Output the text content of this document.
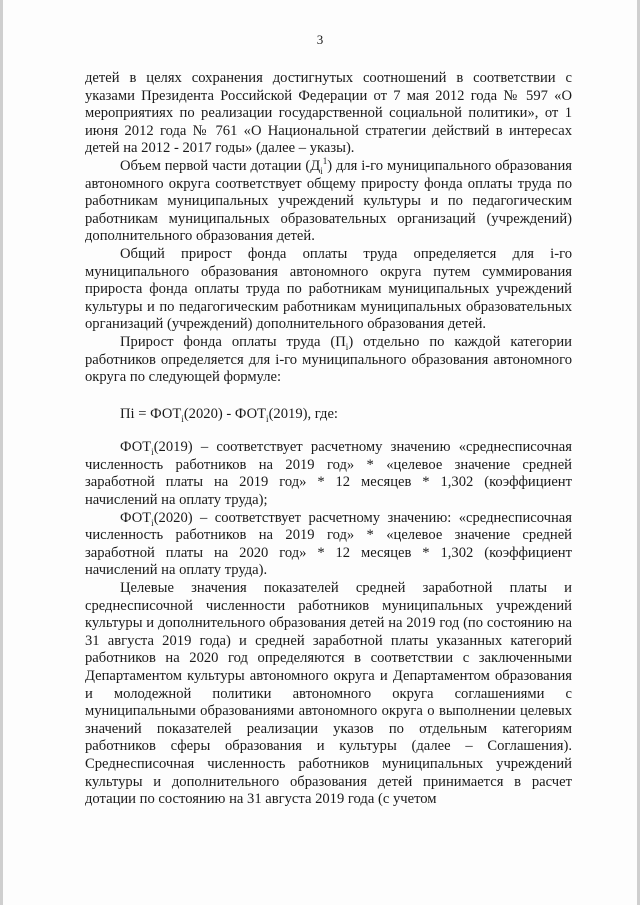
3

детей в целях сохранения достигнутых соотношений в соответствии с указами Президента Российской Федерации от 7 мая 2012 года № 597 «О мероприятиях по реализации государственной социальной политики», от 1 июня 2012 года № 761 «О Национальной стратегии действий в интересах детей на 2012 - 2017 годы» (далее – указы).

Объем первой части дотации $(Д_i^1)$ для i-го муниципального образования автономного округа соответствует общему приросту фонда оплаты труда по работникам муниципальных учреждений культуры и по педагогическим работникам муниципальных образовательных организаций (учреждений) дополнительного образования детей.

Общий прирост фонда оплаты труда определяется для i-го муниципального образования автономного округа путем суммирования прироста фонда оплаты труда по работникам муниципальных учреждений культуры и по педагогическим работникам муниципальных образовательных организаций (учреждений) дополнительного образования детей.

Прирост фонда оплаты труда $(П_i)$ отдельно по каждой категории работников определяется для i-го муниципального образования автономного округа по следующей формуле:

Пi = $ФОТ_i(2020) - ФОТ_i(2019)$, где:

$ФОТ_i(2019)$ – соответствует расчетному значению «среднесписочная численность работников на 2019 год» * «целевое значение средней заработной платы на 2019 год» * 12 месяцев * 1,302 (коэффициент начислений на оплату труда);

$ФОТ_i(2020)$ – соответствует расчетному значению: «среднесписочная численность работников на 2019 год» * «целевое значение средней заработной платы на 2020 год» * 12 месяцев * 1,302 (коэффициент начислений на оплату труда).

Целевые значения показателей средней заработной платы и среднесписочной численности работников муниципальных учреждений культуры и дополнительного образования детей на 2019 год (по состоянию на 31 августа 2019 года) и средней заработной платы указанных категорий работников на 2020 год определяются в соответствии с заключенными Департаментом культуры автономного округа и Департаментом образования и молодежной политики автономного округа соглашениями с муниципальными образованиями автономного округа о выполнении целевых значений показателей реализации указов по отдельным категориям работников сферы образования и культуры (далее – Соглашения). Среднесписочная численность работников муниципальных учреждений культуры и дополнительного образования детей принимается в расчет дотации по состоянию на 31 августа 2019 года (с учетом
